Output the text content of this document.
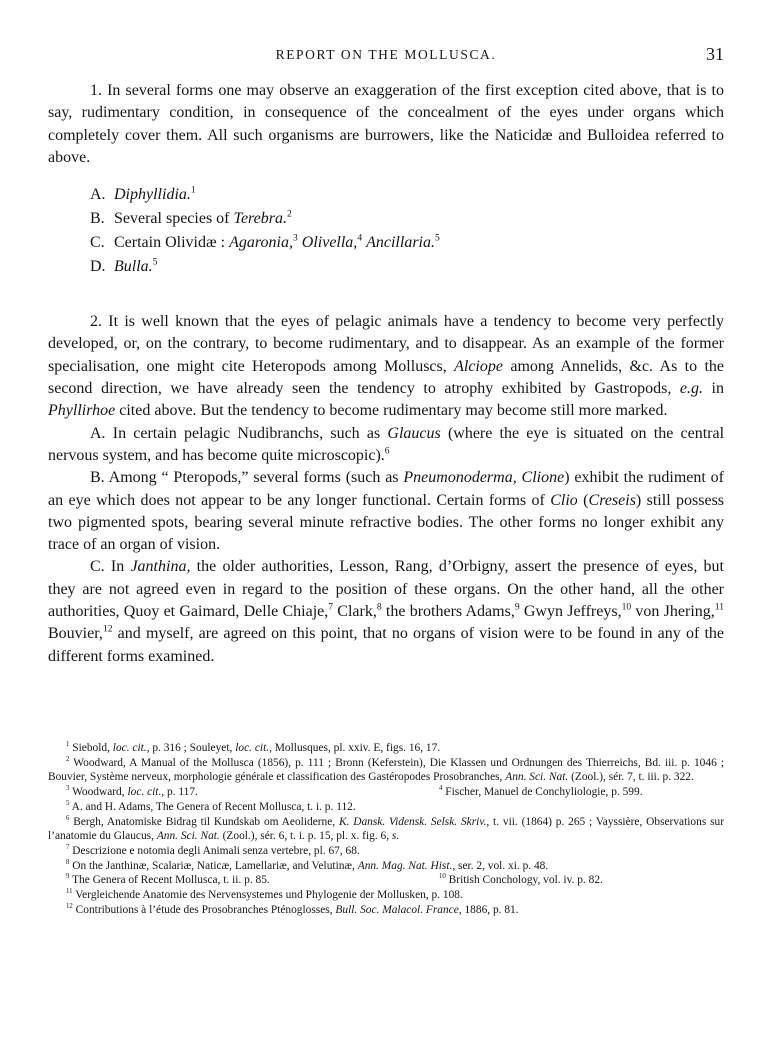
REPORT ON THE MOLLUSCA.	31

1. In several forms one may observe an exaggeration of the first exception cited above, that is to say, rudimentary condition, in consequence of the concealment of the eyes under organs which completely cover them. All such organisms are burrowers, like the Naticidæ and Bulloidea referred to above.

A. Diphyllidia.$^1$
B. Several species of Terebra.$^2$
C. Certain Olividæ : Agaronia,$^3$ Olivella,$^4$ Ancillaria.$^5$
D. Bulla.$^5$

2. It is well known that the eyes of pelagic animals have a tendency to become very perfectly developed, or, on the contrary, to become rudimentary, and to disappear. As an example of the former specialisation, one might cite Heteropods among Molluscs, Alciope among Annelids, &c. As to the second direction, we have already seen the tendency to atrophy exhibited by Gastropods, e.g. in Phyllirhoe cited above. But the tendency to become rudimentary may become still more marked.

A. In certain pelagic Nudibranchs, such as Glaucus (where the eye is situated on the central nervous system, and has become quite microscopic).$^6$

B. Among “ Pteropods,” several forms (such as Pneumonoderma, Clione) exhibit the rudiment of an eye which does not appear to be any longer functional. Certain forms of Clio (Creseis) still possess two pigmented spots, bearing several minute refractive bodies. The other forms no longer exhibit any trace of an organ of vision.

C. In Janthina, the older authorities, Lesson, Rang, d’Orbigny, assert the presence of eyes, but they are not agreed even in regard to the position of these organs. On the other hand, all the other authorities, Quoy et Gaimard, Delle Chiaje,$^7$ Clark,$^8$ the brothers Adams,$^9$ Gwyn Jeffreys,$^{10}$ von Jhering,$^{11}$ Bouvier,$^{12}$ and myself, are agreed on this point, that no organs of vision were to be found in any of the different forms examined.

$^1$ Siebold, loc. cit., p. 316 ; Souleyet, loc. cit., Mollusques, pl. xxiv. E, figs. 16, 17.

$^2$ Woodward, A Manual of the Mollusca (1856), p. 111 ; Bronn (Keferstein), Die Klassen und Ordnungen des Thierreichs, Bd. iii. p. 1046 ; Bouvier, Système nerveux, morphologie générale et classification des Gastéropodes Prosobranches, Ann. Sci. Nat. (Zool.), sér. 7, t. iii. p. 322.

$^3$ Woodward, loc. cit., p. 117.	$^4$ Fischer, Manuel de Conchyliologie, p. 599.

$^5$ A. and H. Adams, The Genera of Recent Mollusca, t. i. p. 112.

$^6$ Bergh, Anatomiske Bidrag til Kundskab om Aeoliderne, K. Dansk. Vidensk. Selsk. Skriv., t. vii. (1864) p. 265 ; Vayssière, Observations sur l’anatomie du Glaucus, Ann. Sci. Nat. (Zool.), sér. 6, t. i. p. 15, pl. x. fig. 6, s.

$^7$ Descrizione e notomia degli Animali senza vertebre, pl. 67, 68.

$^8$ On the Janthinæ, Scalariæ, Naticæ, Lamellariæ, and Velutinæ, Ann. Mag. Nat. Hist., ser. 2, vol. xi. p. 48.

$^9$ The Genera of Recent Mollusca, t. ii. p. 85.	$^{10}$ British Conchology, vol. iv. p. 82.

$^{11}$ Vergleichende Anatomie des Nervensystemes und Phylogenie der Mollusken, p. 108.

$^{12}$ Contributions à l’étude des Prosobranches Pténoglosses, Bull. Soc. Malacol. France, 1886, p. 81.
